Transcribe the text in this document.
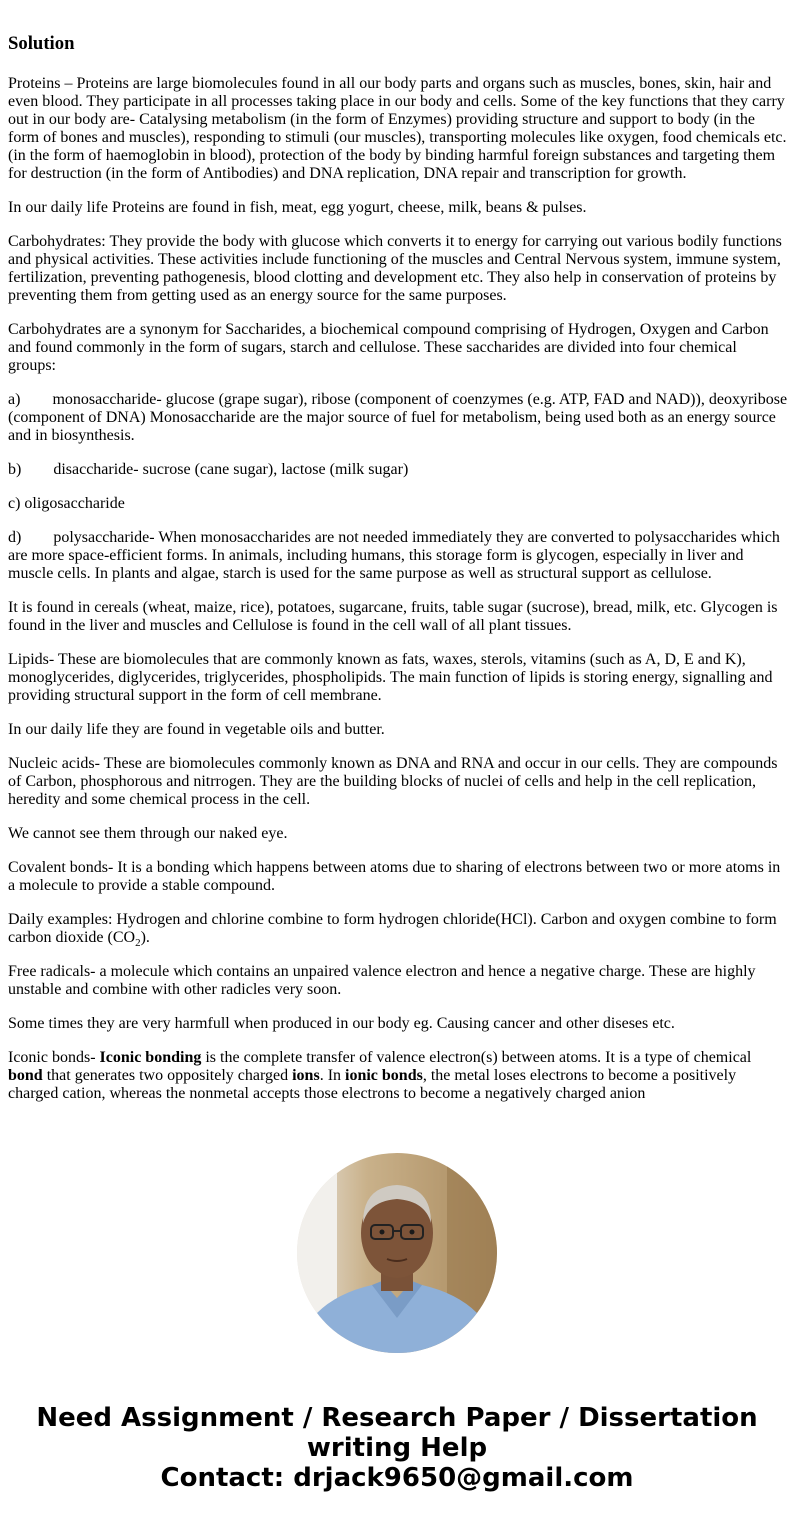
Solution

Proteins – Proteins are large biomolecules found in all our body parts and organs such as muscles, bones, skin, hair and even blood. They participate in all processes taking place in our body and cells. Some of the key functions that they carry out in our body are- Catalysing metabolism (in the form of Enzymes) providing structure and support to body (in the form of bones and muscles), responding to stimuli (our muscles), transporting molecules like oxygen, food chemicals etc. (in the form of haemoglobin in blood), protection of the body by binding harmful foreign substances and targeting them for destruction (in the form of Antibodies) and DNA replication, DNA repair and transcription for growth.

In our daily life Proteins are found in fish, meat, egg yogurt, cheese, milk, beans & pulses.

Carbohydrates: They provide the body with glucose which converts it to energy for carrying out various bodily functions and physical activities. These activities include functioning of the muscles and Central Nervous system, immune system, fertilization, preventing pathogenesis, blood clotting and development etc. They also help in conservation of proteins by preventing them from getting used as an energy source for the same purposes.

Carbohydrates are a synonym for Saccharides, a biochemical compound comprising of Hydrogen, Oxygen and Carbon and found commonly in the form of sugars, starch and cellulose. These saccharides are divided into four chemical groups:

a) monosaccharide- glucose (grape sugar), ribose (component of coenzymes (e.g. ATP, FAD and NAD)), deoxyribose (component of DNA) Monosaccharide are the major source of fuel for metabolism, being used both as an energy source and in biosynthesis.

b) disaccharide- sucrose (cane sugar), lactose (milk sugar)

c) oligosaccharide

d) polysaccharide- When monosaccharides are not needed immediately they are converted to polysaccharides which are more space-efficient forms. In animals, including humans, this storage form is glycogen, especially in liver and muscle cells. In plants and algae, starch is used for the same purpose as well as structural support as cellulose.

It is found in cereals (wheat, maize, rice), potatoes, sugarcane, fruits, table sugar (sucrose), bread, milk, etc. Glycogen is found in the liver and muscles and Cellulose is found in the cell wall of all plant tissues.

Lipids- These are biomolecules that are commonly known as fats, waxes, sterols, vitamins (such as A, D, E and K), monoglycerides, diglycerides, triglycerides, phospholipids. The main function of lipids is storing energy, signalling and providing structural support in the form of cell membrane.

In our daily life they are found in vegetable oils and butter.

Nucleic acids- These are biomolecules commonly known as DNA and RNA and occur in our cells. They are compounds of Carbon, phosphorous and nitrrogen. They are the building blocks of nuclei of cells and help in the cell replication, heredity and some chemical process in the cell.

We cannot see them through our naked eye.

Covalent bonds- It is a bonding which happens between atoms due to sharing of electrons between two or more atoms in a molecule to provide a stable compound.

Daily examples: Hydrogen and chlorine combine to form hydrogen chloride(HCl). Carbon and oxygen combine to form carbon dioxide $(CO_2)$.

Free radicals- a molecule which contains an unpaired valence electron and hence a negative charge. These are highly unstable and combine with other radicles very soon.

Some times they are very harmfull when produced in our body eg. Causing cancer and other diseses etc.

Iconic bonds- Iconic bonding is the complete transfer of valence electron(s) between atoms. It is a type of chemical bond that generates two oppositely charged ions. In ionic bonds, the metal loses electrons to become a positively charged cation, whereas the nonmetal accepts those electrons to become a negatively charged anion

Need Assignment / Research Paper / Dissertation
writing Help
Contact: drjack9650@gmail.com
